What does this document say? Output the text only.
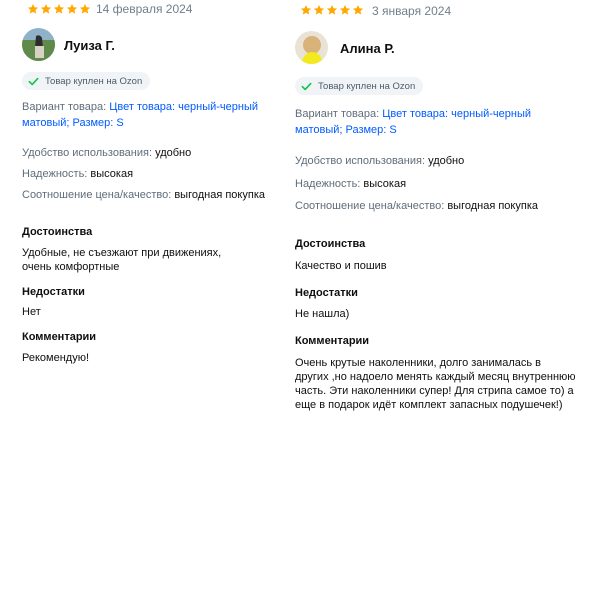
14 февраля 2024
Луиза Г.
Товар куплен на Ozon
Вариант товара: Цвет товара: черный-черный
матовый; Размер: S
Удобство использования: удобно
Надежность: высокая
Соотношение цена/качество: выгодная покупка
Достоинства
Удобные, не съезжают при движениях,
очень комфортные
Недостатки
Нет
Комментарии
Рекомендую!
3 января 2024
Алина Р.
Товар куплен на Ozon
Вариант товара: Цвет товара: черный-черный
матовый; Размер: S
Удобство использования: удобно
Надежность: высокая
Соотношение цена/качество: выгодная покупка
Достоинства
Качество и пошив
Недостатки
Не нашла)
Комментарии
Очень крутые наколенники, долго занималась в
других ,но надоело менять каждый месяц внутреннюю
часть. Эти наколенники супер! Для стрипа самое то) а
еще в подарок идёт комплект запасных подушечек!)
